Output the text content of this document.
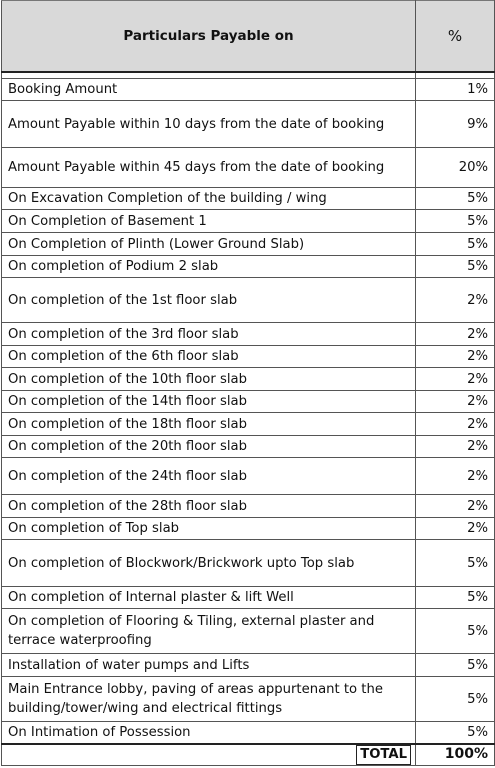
Particulars Payable on	%

Booking Amount	1%
Amount Payable within 10 days from the date of booking	9%
Amount Payable within 45 days from the date of booking	20%
On Excavation Completion of the building / wing	5%
On Completion of Basement 1	5%
On Completion of Plinth (Lower Ground Slab)	5%
On completion of Podium 2 slab	5%
On completion of the 1st floor slab	2%
On completion of the 3rd floor slab	2%
On completion of the 6th floor slab	2%
On completion of the 10th floor slab	2%
On completion of the 14th floor slab	2%
On completion of the 18th floor slab	2%
On completion of the 20th floor slab	2%
On completion of the 24th floor slab	2%
On completion of the 28th floor slab	2%
On completion of Top slab	2%
On completion of Blockwork/Brickwork upto Top slab	5%
On completion of Internal plaster & lift Well	5%
On completion of Flooring & Tiling, external plaster and terrace waterproofing	5%
Installation of water pumps and Lifts	5%
Main Entrance lobby, paving of areas appurtenant to the building/tower/wing and electrical fittings	5%
On Intimation of Possession	5%
TOTAL	100%
